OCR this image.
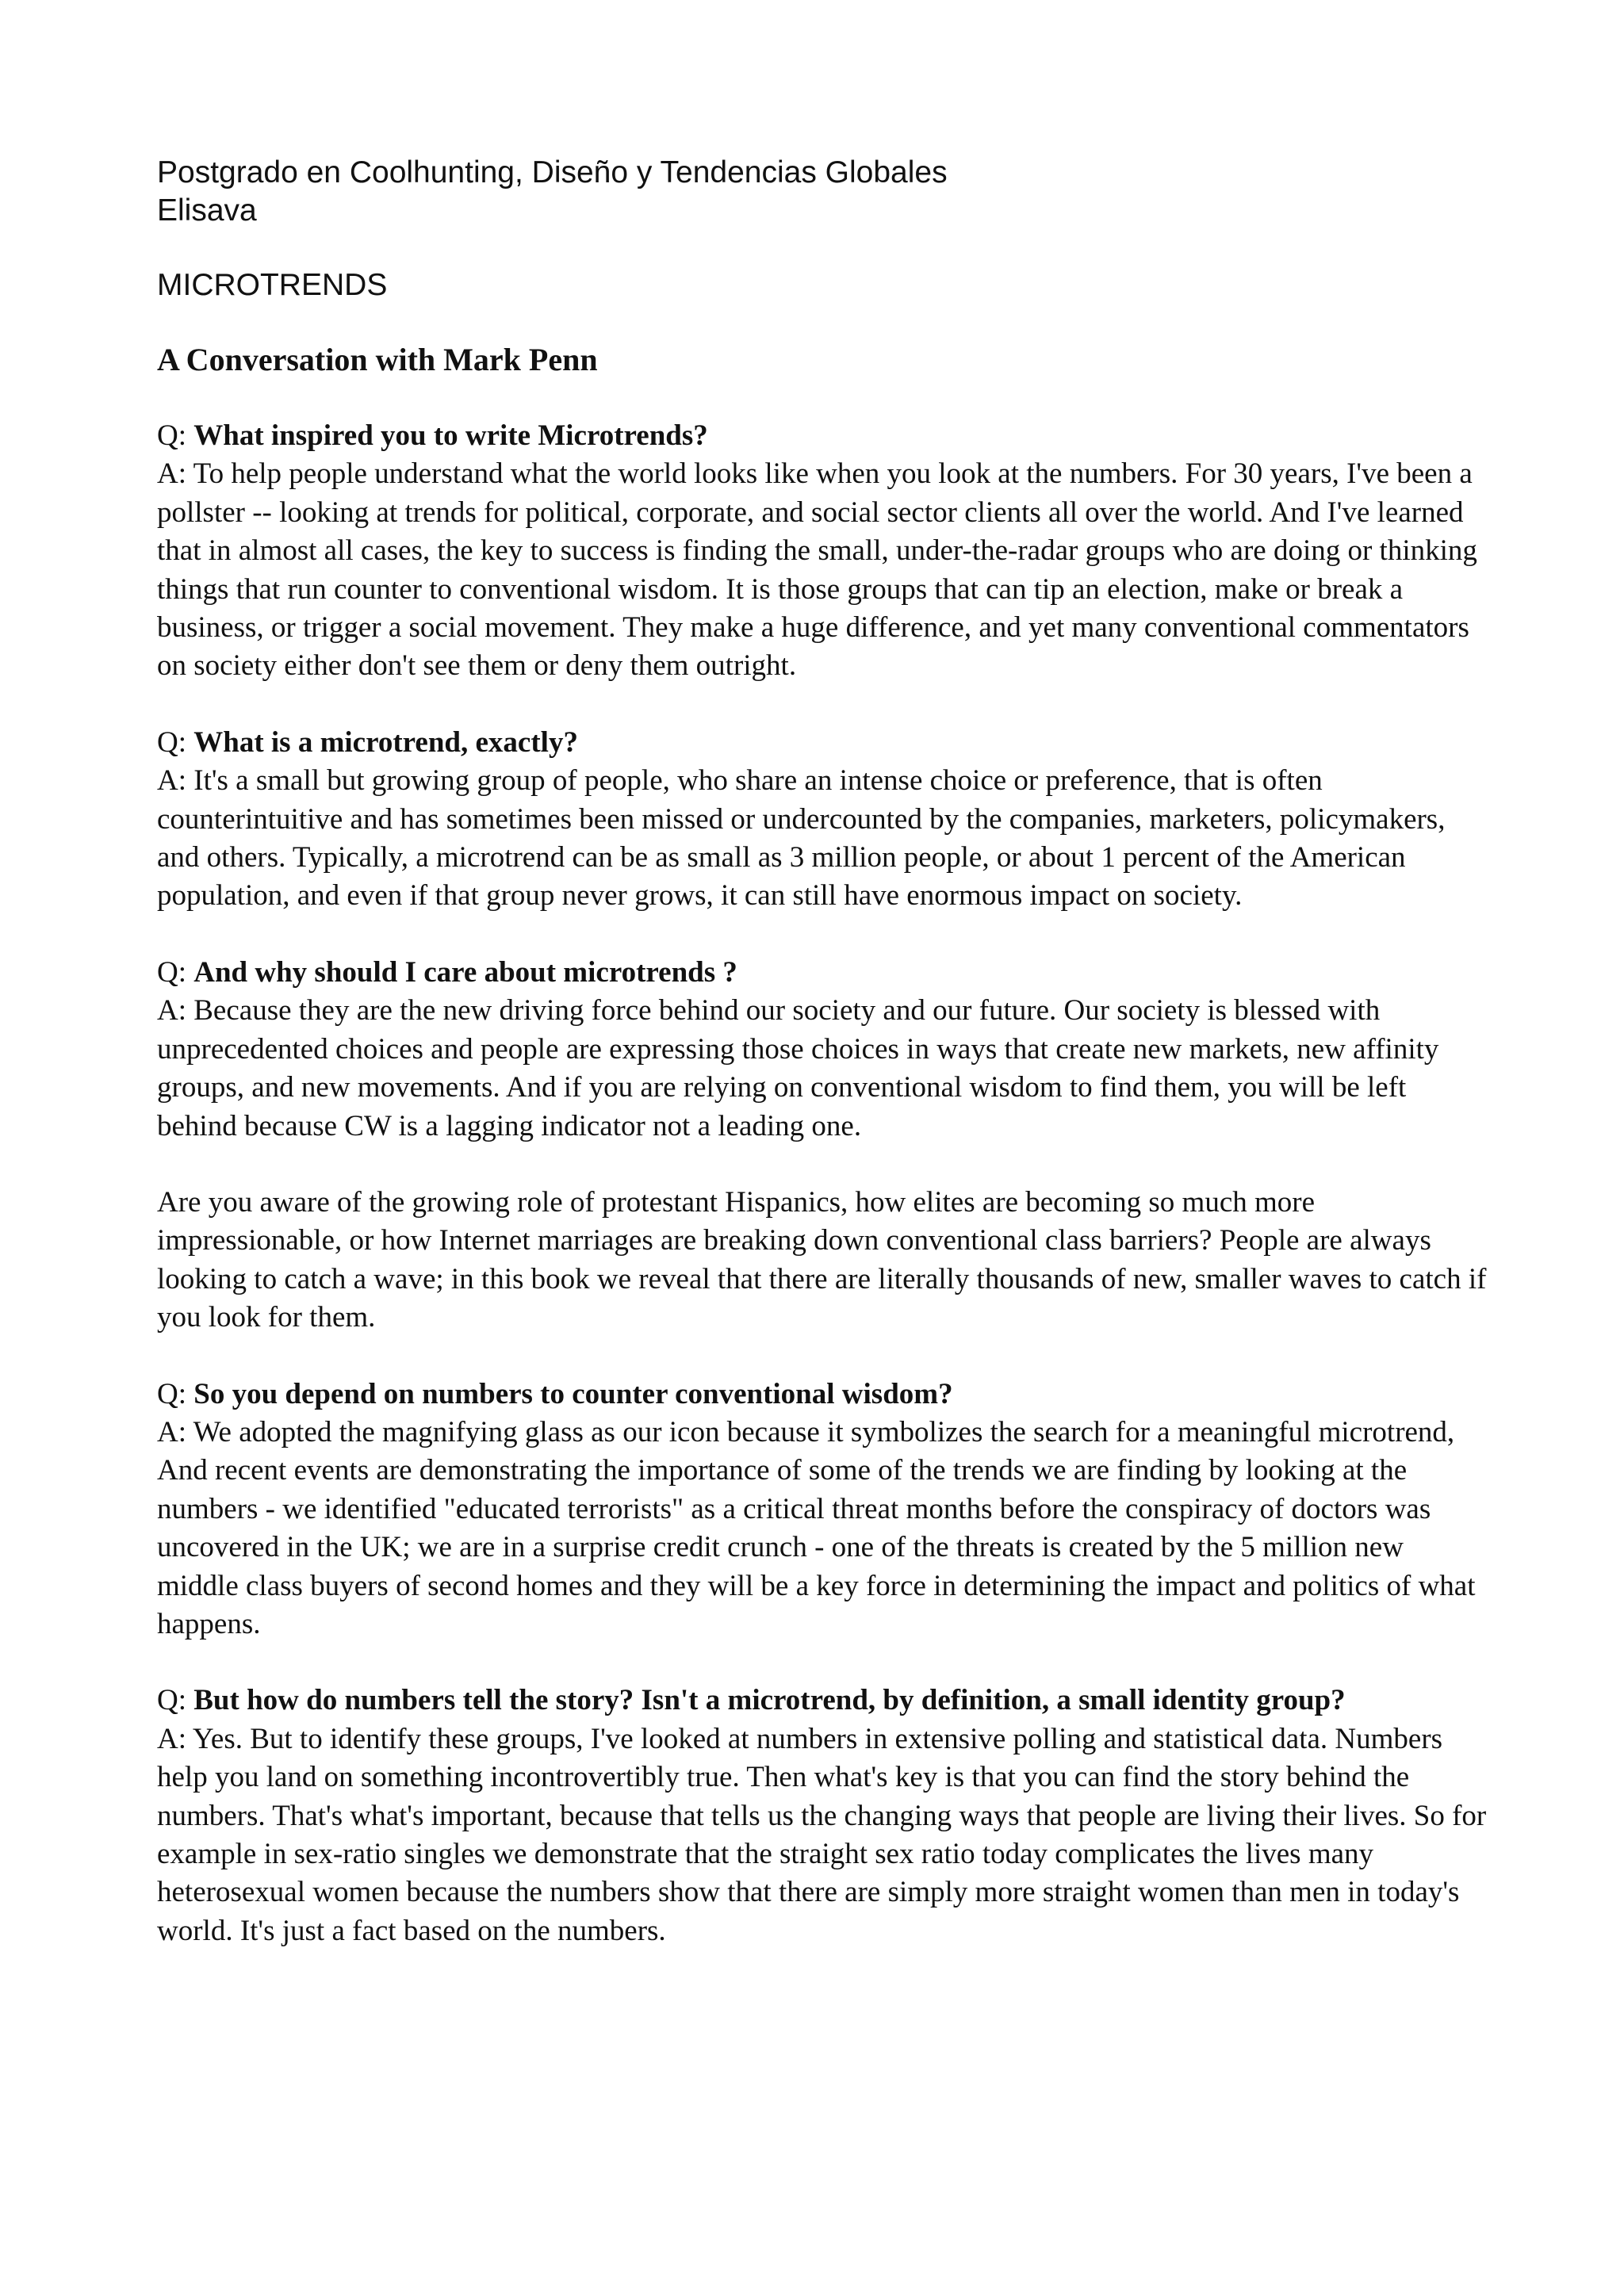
Postgrado en Coolhunting, Diseño y Tendencias Globales

Elisava

MICROTRENDS

A Conversation with Mark Penn

Q: What inspired you to write Microtrends?

A: To help people understand what the world looks like when you look at the numbers. For 30 years, I've been a pollster -- looking at trends for political, corporate, and social sector clients all over the world. And I've learned that in almost all cases, the key to success is finding the small, under-the-radar groups who are doing or thinking things that run counter to conventional wisdom. It is those groups that can tip an election, make or break a business, or trigger a social movement. They make a huge difference, and yet many conventional commentators on society either don't see them or deny them outright.

Q: What is a microtrend, exactly?

A: It's a small but growing group of people, who share an intense choice or preference, that is often counterintuitive and has sometimes been missed or undercounted by the companies, marketers, policymakers, and others. Typically, a microtrend can be as small as 3 million people, or about 1 percent of the American population, and even if that group never grows, it can still have enormous impact on society.

Q: And why should I care about microtrends ?

A: Because they are the new driving force behind our society and our future. Our society is blessed with unprecedented choices and people are expressing those choices in ways that create new markets, new affinity groups, and new movements. And if you are relying on conventional wisdom to find them, you will be left behind because CW is a lagging indicator not a leading one.

Are you aware of the growing role of protestant Hispanics, how elites are becoming so much more impressionable, or how Internet marriages are breaking down conventional class barriers? People are always looking to catch a wave; in this book we reveal that there are literally thousands of new, smaller waves to catch if you look for them.

Q: So you depend on numbers to counter conventional wisdom?

A: We adopted the magnifying glass as our icon because it symbolizes the search for a meaningful microtrend, And recent events are demonstrating the importance of some of the trends we are finding by looking at the numbers - we identified "educated terrorists" as a critical threat months before the conspiracy of doctors was uncovered in the UK; we are in a surprise credit crunch - one of the threats is created by the 5 million new middle class buyers of second homes and they will be a key force in determining the impact and politics of what happens.

Q: But how do numbers tell the story? Isn't a microtrend, by definition, a small identity group?

A: Yes. But to identify these groups, I've looked at numbers in extensive polling and statistical data. Numbers help you land on something incontrovertibly true. Then what's key is that you can find the story behind the numbers. That's what's important, because that tells us the changing ways that people are living their lives. So for example in sex-ratio singles we demonstrate that the straight sex ratio today complicates the lives many heterosexual women because the numbers show that there are simply more straight women than men in today's world. It's just a fact based on the numbers.
